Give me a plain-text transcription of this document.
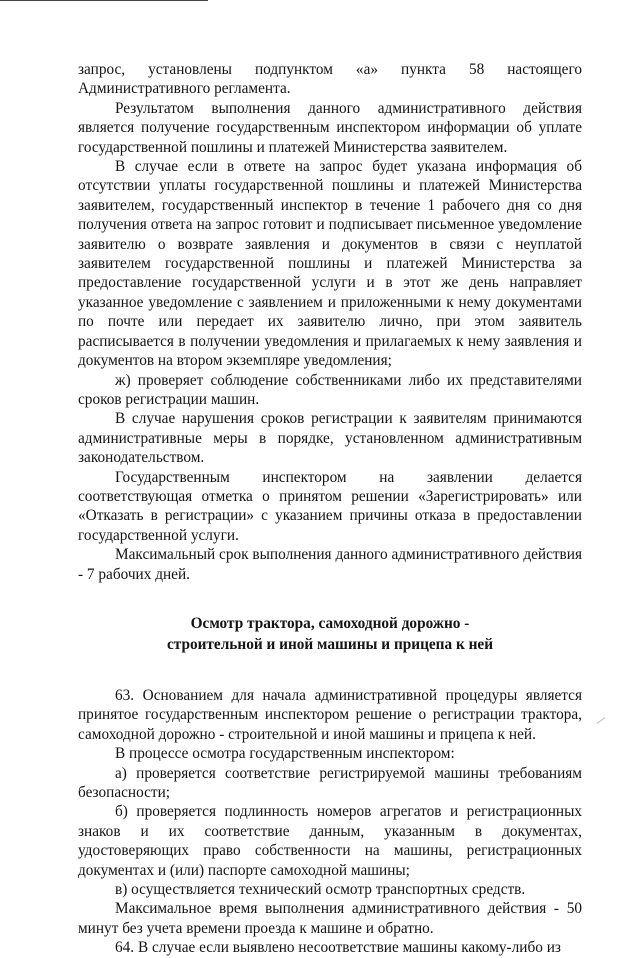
запрос, установлены подпунктом «а» пункта 58 настоящего

Административного регламента.

Результатом выполнения данного административного действия является получение государственным инспектором информации об уплате государственной пошлины и платежей Министерства заявителем.

В случае если в ответе на запрос будет указана информация об отсутствии уплаты государственной пошлины и платежей Министерства заявителем, государственный инспектор в течение 1 рабочего дня со дня получения ответа на запрос готовит и подписывает письменное уведомление заявителю о возврате заявления и документов в связи с неуплатой заявителем государственной пошлины и платежей Министерства за предоставление государственной услуги и в этот же день направляет указанное уведомление с заявлением и приложенными к нему документами по почте или передает их заявителю лично, при этом заявитель расписывается в получении уведомления и прилагаемых к нему заявления и документов на втором экземпляре уведомления;

ж) проверяет соблюдение собственниками либо их представителями сроков регистрации машин.

В случае нарушения сроков регистрации к заявителям принимаются административные меры в порядке, установленном административным законодательством.

Государственным инспектором на заявлении делается соответствующая отметка о принятом решении «Зарегистрировать» или «Отказать в регистрации» с указанием причины отказа в предоставлении государственной услуги.

Максимальный срок выполнения данного административного действия - 7 рабочих дней.

Осмотр трактора, самоходной дорожно -
строительной и иной машины и прицепа к ней

63. Основанием для начала административной процедуры является принятое государственным инспектором решение о регистрации трактора, самоходной дорожно - строительной и иной машины и прицепа к ней.

В процессе осмотра государственным инспектором:

а) проверяется соответствие регистрируемой машины требованиям безопасности;

б) проверяется подлинность номеров агрегатов и регистрационных знаков и их соответствие данным, указанным в документах, удостоверяющих право собственности на машины, регистрационных документах и (или) паспорте самоходной машины;

в) осуществляется технический осмотр транспортных средств.

Максимальное время выполнения административного действия - 50 минут без учета времени проезда к машине и обратно.

64. В случае если выявлено несоответствие машины какому-либо из
